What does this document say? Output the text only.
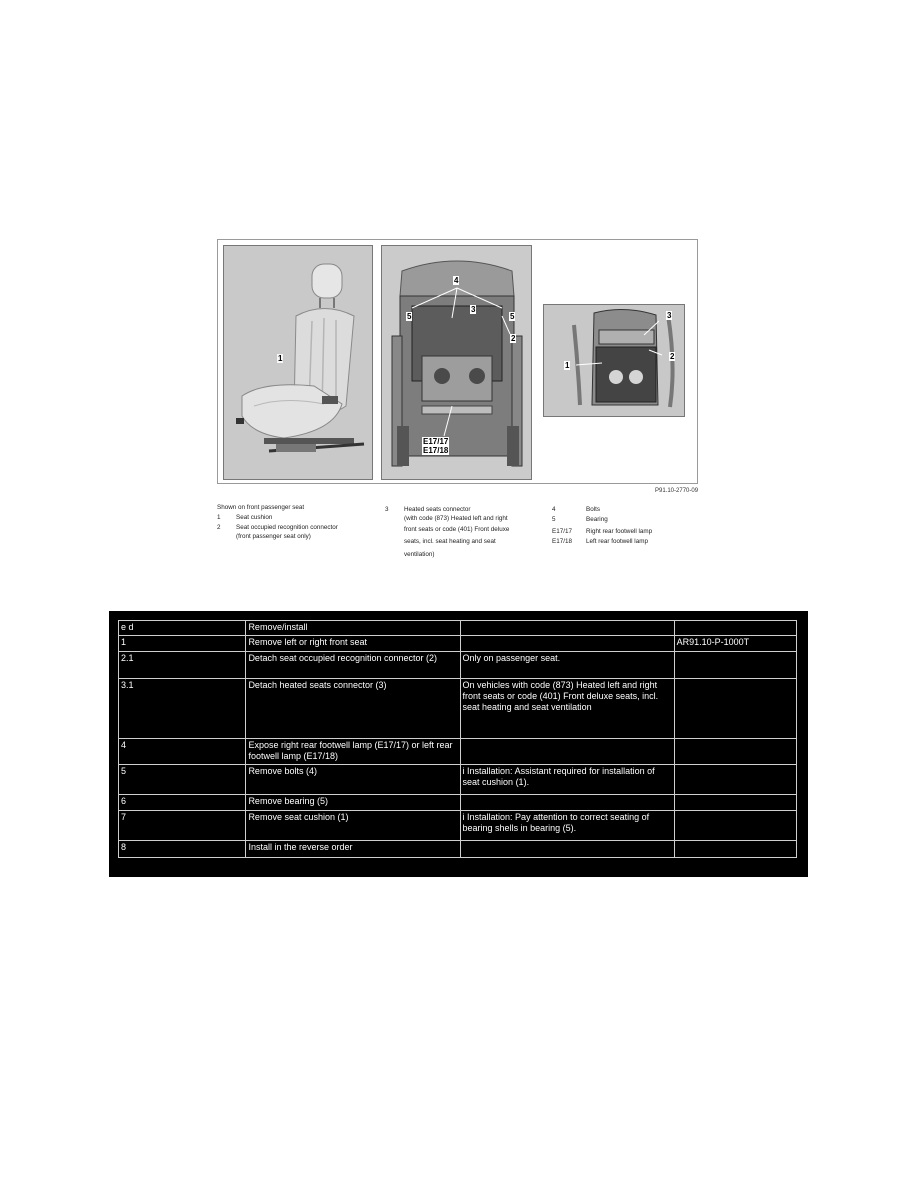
1
4
5
3
5
2
E17/17
E17/18
3
2
1
P91.10-2770-09
Shown on front passenger seat
1 Seat cushion
2 Seat occupied recognition connector
(front passenger seat only)
3 Heated seats connector
(with code (873) Heated left and right
front seats or code (401) Front deluxe
seats, incl. seat heating and seat
ventilation)
4	Bolts
5	Bearing
E17/17 Right rear footwell lamp
E17/18 Left rear footwell lamp
e d	Remove/install		
1	Remove left or right front seat		AR91.10-P-1000T
2.1	Detach seat occupied recognition connector (2)	Only on passenger seat.	
3.1	Detach heated seats connector (3)	On vehicles with code (873) Heated left and right front seats or code (401) Front deluxe seats, incl. seat heating and seat ventilation	
4	Expose right rear footwell lamp (E17/17) or left rear footwell lamp (E17/18)		
5	Remove bolts (4)	i Installation: Assistant required for installation of seat cushion (1).	
6	Remove bearing (5)		
7	Remove seat cushion (1)	i Installation: Pay attention to correct seating of bearing shells in bearing (5).	
8	Install in the reverse order		
